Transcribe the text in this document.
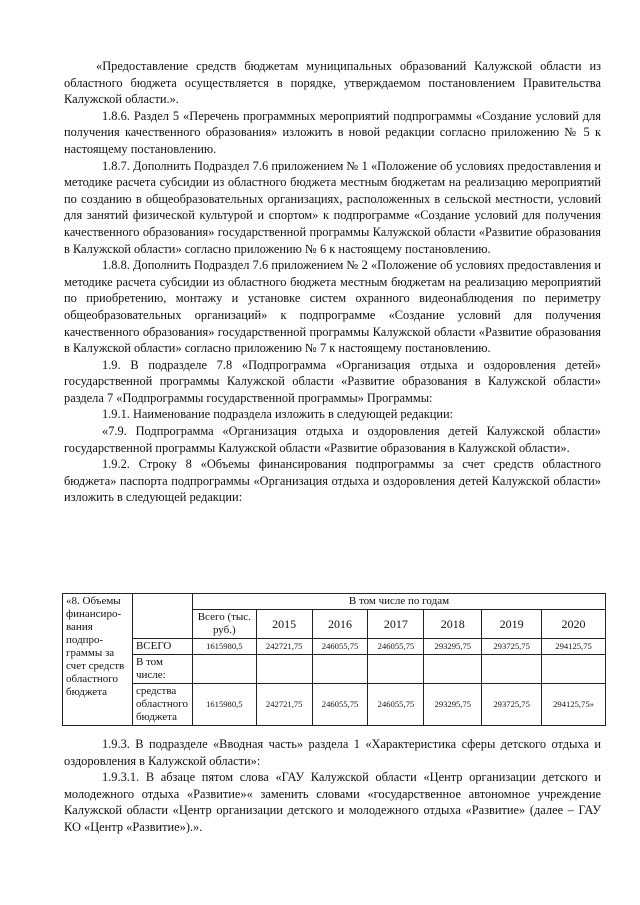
«Предоставление средств бюджетам муниципальных образований Калужской области из областного бюджета осуществляется в порядке, утверждаемом постановлением Правительства Калужской области.».

1.8.6. Раздел 5 «Перечень программных мероприятий подпрограммы «Создание условий для получения качественного образования» изложить в новой редакции согласно приложению № 5 к настоящему постановлению.

1.8.7. Дополнить Подраздел 7.6 приложением № 1 «Положение об условиях предоставления и методике расчета субсидии из областного бюджета местным бюджетам на реализацию мероприятий по созданию в общеобразовательных организациях, расположенных в сельской местности, условий для занятий физической культурой и спортом» к подпрограмме «Создание условий для получения качественного образования» государственной программы Калужской области «Развитие образования в Калужской области» согласно приложению № 6 к настоящему постановлению.

1.8.8. Дополнить Подраздел 7.6 приложением № 2 «Положение об условиях предоставления и методике расчета субсидии из областного бюджета местным бюджетам на реализацию мероприятий по приобретению, монтажу и установке систем охранного видеонаблюдения по периметру общеобразовательных организаций» к подпрограмме «Создание условий для получения качественного образования» государственной программы Калужской области «Развитие образования в Калужской области» согласно приложению № 7 к настоящему постановлению.

1.9. В подразделе 7.8 «Подпрограмма «Организация отдыха и оздоровления детей» государственной программы Калужской области «Развитие образования в Калужской области» раздела 7 «Подпрограммы государственной программы» Программы:

1.9.1. Наименование подраздела изложить в следующей редакции:

«7.9. Подпрограмма «Организация отдыха и оздоровления детей Калужской области» государственной программы Калужской области «Развитие образования в Калужской области».

1.9.2. Строку 8 «Объемы финансирования подпрограммы за счет средств областного бюджета» паспорта подпрограммы «Организация отдыха и оздоровления детей Калужской области» изложить в следующей редакции:

«8. Объемы финансиро-вания подпро-граммы за счет средств областного бюджета		В том числе по годам						
		Всего (тыс. руб.)	2015	2016	2017	2018	2019	2020
	ВСЕГО	1615980,5	242721,75	246055,75	246055,75	293295,75	293725,75	294125,75
	В том числе:							
	средства областного бюджета	1615980,5	242721,75	246055,75	246055,75	293295,75	293725,75	294125,75»

1.9.3. В подразделе «Вводная часть» раздела 1 «Характеристика сферы детского отдыха и оздоровления в Калужской области»:

1.9.3.1. В абзаце пятом слова «ГАУ Калужской области «Центр организации детского и молодежного отдыха «Развитие»« заменить словами «государственное автономное учреждение Калужской области «Центр организации детского и молодежного отдыха «Развитие» (далее – ГАУ КО «Центр «Развитие»).».
